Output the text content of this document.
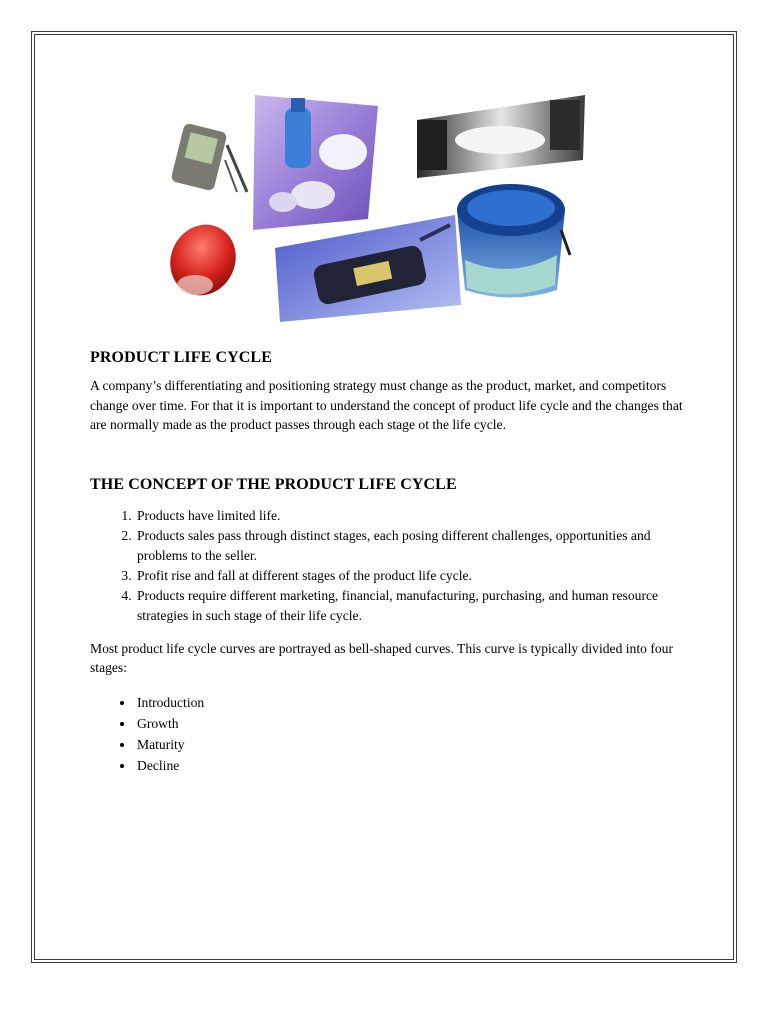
PRODUCT LIFE CYCLE

A company’s differentiating and positioning strategy must change as the product, market, and competitors change over time. For that it is important to understand the concept of product life cycle and the changes that are normally made as the product passes through each stage ot the life cycle.

THE CONCEPT OF THE PRODUCT LIFE CYCLE
1. Products have limited life.
2. Products sales pass through distinct stages, each posing different challenges, opportunities and problems to the seller.
3. Profit rise and fall at different stages of the product life cycle.
4. Products require different marketing, financial, manufacturing, purchasing, and human resource strategies in such stage of their life cycle.

Most product life cycle curves are portrayed as bell-shaped curves. This curve is typically divided into four stages:

• Introduction
• Growth
• Maturity
• Decline
